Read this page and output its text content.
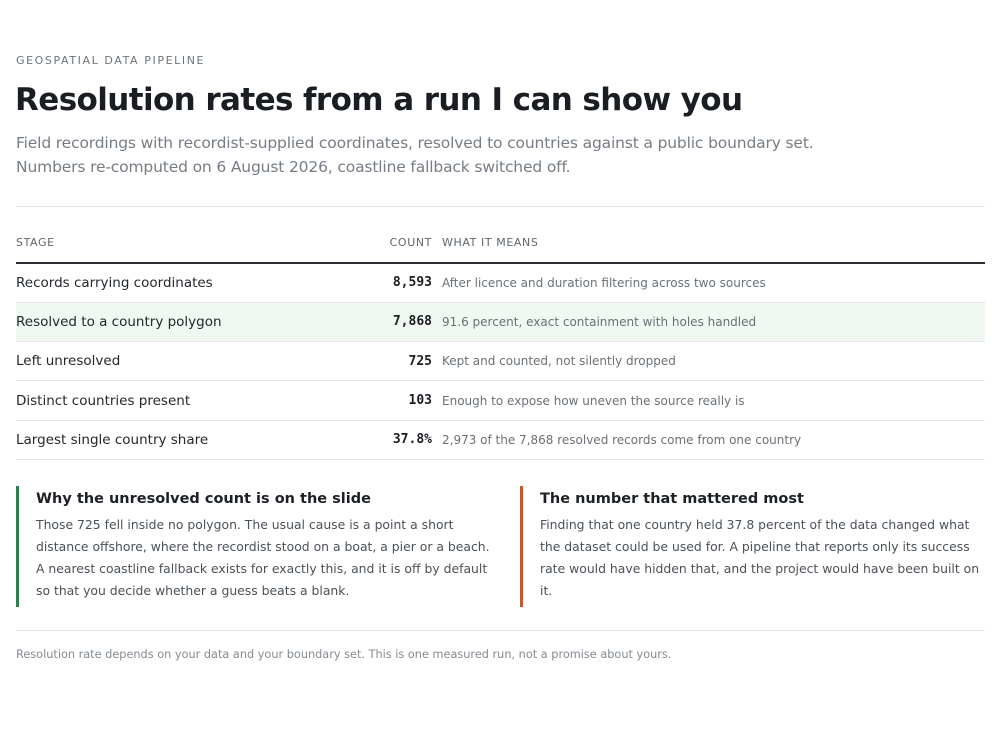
GEOSPATIAL DATA PIPELINE
Resolution rates from a run I can show you

Field recordings with recordist-supplied coordinates, resolved to countries against a public boundary set.

Numbers re-computed on 6 August 2026, coastline fallback switched off.

STAGE	COUNT	WHAT IT MEANS
Records carrying coordinates	8,593	After licence and duration filtering across two sources
Resolved to a country polygon	7,868	91.6 percent, exact containment with holes handled
Left unresolved	725	Kept and counted, not silently dropped
Distinct countries present	103	Enough to expose how uneven the source really is
Largest single country share	37.8%	2,973 of the 7,868 resolved records come from one country
Why the unresolved count is on the slide

Those 725 fell inside no polygon. The usual cause is a point a short distance offshore, where the recordist stood on a boat, a pier or a beach. A nearest coastline fallback exists for exactly this, and it is off by default so that you decide whether a guess beats a blank.

The number that mattered most

Finding that one country held 37.8 percent of the data changed what the dataset could be used for. A pipeline that reports only its success rate would have hidden that, and the project would have been built on it.

Resolution rate depends on your data and your boundary set. This is one measured run, not a promise about yours.
